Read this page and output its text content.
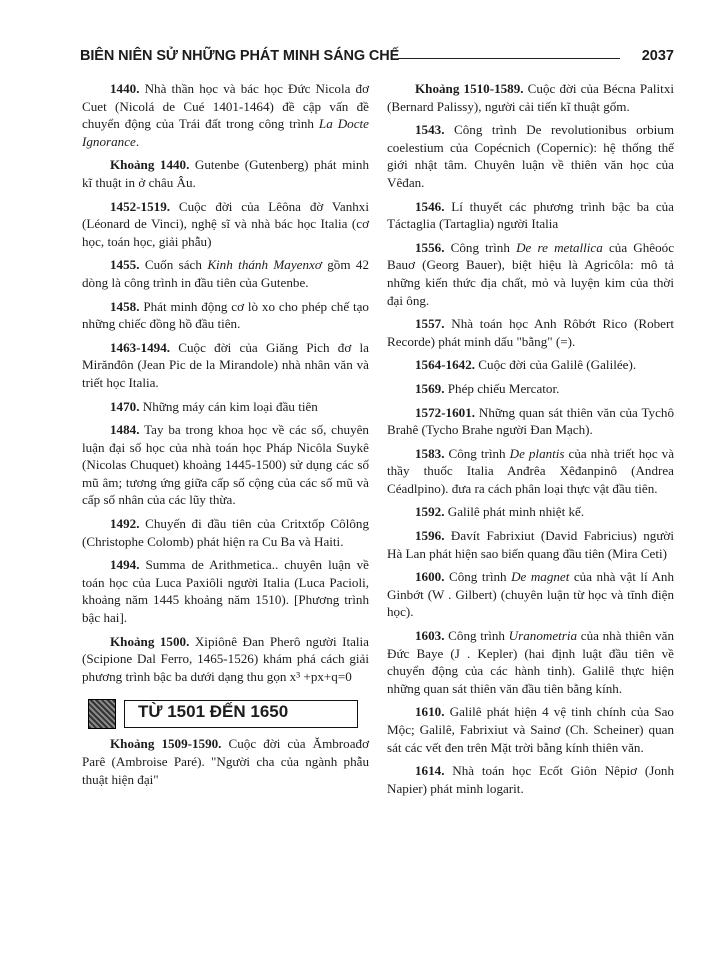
BIÊN NIÊN SỬ NHỮNG PHÁT MINH SÁNG CHẾ	2037

1440. Nhà thần học và bác học Đức Nicola đơ Cuet (Nicolá de Cué 1401-1464) đề cập vấn đề chuyển động của Trái đất trong công trình La Docte Ignorance.

Khoảng 1440. Gutenbe (Gutenberg) phát minh kĩ thuật in ở châu Âu.

1452-1519. Cuộc đời của Lêôna đờ Vanhxi (Léonard de Vinci), nghệ sĩ và nhà bác học Italia (cơ học, toán học, giải phẫu)

1455. Cuốn sách Kinh thánh Mayenxơ gồm 42 dòng là công trình in đầu tiên của Gutenbe.

1458. Phát minh động cơ lò xo cho phép chế tạo những chiếc đồng hồ đầu tiên.

1463-1494. Cuộc đời của Giăng Pich đơ la Mirănđôn (Jean Pic de la Mirandole) nhà nhân văn và triết học Italia.

1470. Những máy cán kim loại đầu tiên

1484. Tay ba trong khoa học về các số, chuyên luận đại số học của nhà toán học Pháp Nicôla Suykê (Nicolas Chuquet) khoảng 1445-1500) sử dụng các số mũ âm; tương ứng giữa cấp số cộng của các số mũ và cấp số nhân của các lũy thừa.

1492. Chuyến đi đầu tiên của Critxtốp Côlông (Christophe Colomb) phát hiện ra Cu Ba và Haiti.

1494. Summa de Arithmetica.. chuyên luận về toán học của Luca Paxiôli người Italia (Luca Pacioli, khoảng năm 1445 khoảng năm 1510). [Phương trình bậc hai].

Khoảng 1500. Xipiônê Đan Pherô người Italia (Scipione Dal Ferro, 1465-1526) khám phá cách giải phương trình bậc ba dưới dạng thu gọn x³ +px+q=0

TỪ 1501 ĐẾN 1650

Khoảng 1509-1590. Cuộc đời của Ămbroađơ Parê (Ambroise Paré). "Người cha của ngành phẫu thuật hiện đại"

Khoảng 1510-1589. Cuộc đời của Bécna Palitxi (Bernard Palissy), người cải tiến kĩ thuật gốm.

1543. Công trình De revolutionibus orbium coelestium của Copécnich (Copernic): hệ thống thế giới nhật tâm. Chuyên luận về thiên văn học của Vêđan.

1546. Lí thuyết các phương trình bậc ba của Táctaglia (Tartaglia) người Italia

1556. Công trình De re metallica của Ghêoóc Bauơ (Georg Bauer), biệt hiệu là Agricôla: mô tả những kiến thức địa chất, mỏ và luyện kim của thời đại ông.

1557. Nhà toán học Anh Rôbớt Rico (Robert Recorde) phát minh dấu "bằng" (=).

1564-1642. Cuộc đời của Galilê (Galilée).

1569. Phép chiếu Mercator.

1572-1601. Những quan sát thiên văn của Tychô Brahê (Tycho Brahe người Đan Mạch).

1583. Công trình De plantis của nhà triết học và thầy thuốc Italia Anđrêa Xêđanpinô (Andrea Céadlpino). đưa ra cách phân loại thực vật đầu tiên.

1592. Galilê phát minh nhiệt kế.

1596. Đavít Fabrixiut (David Fabricius) người Hà Lan phát hiện sao biến quang đầu tiên (Mira Ceti)

1600. Công trình De magnet của nhà vật lí Anh Ginbớt (W . Gilbert) (chuyên luận từ học và tĩnh điện học).

1603. Công trình Uranometria của nhà thiên văn Đức Baye (J . Kepler) (hai định luật đầu tiên về chuyển động của các hành tinh). Galilê thực hiện những quan sát thiên văn đầu tiên bằng kính.

1610. Galilê phát hiện 4 vệ tinh chính của Sao Mộc; Galilê, Fabrixiut và Sainơ (Ch. Scheiner) quan sát các vết đen trên Mặt trời bằng kính thiên văn.

1614. Nhà toán học Ecốt Giôn Nêpiơ (Jonh Napier) phát minh logarit.
